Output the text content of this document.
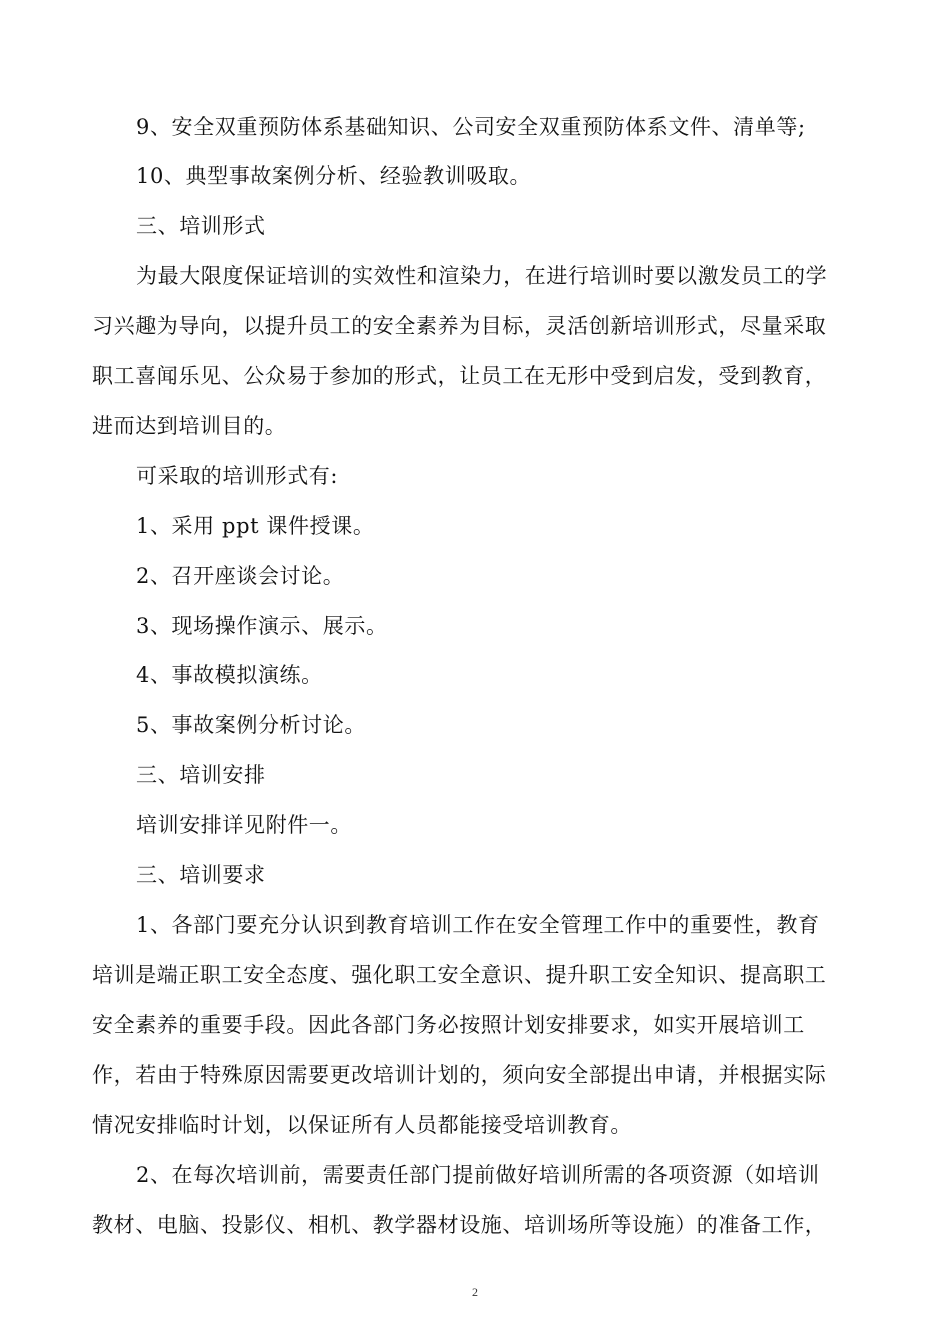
9、安全双重预防体系基础知识、公司安全双重预防体系文件、清单等;
10、典型事故案例分析、经验教训吸取。
三、培训形式
为最大限度保证培训的实效性和渲染力，在进行培训时要以激发员工的学
习兴趣为导向，以提升员工的安全素养为目标，灵活创新培训形式，尽量采取
职工喜闻乐见、公众易于参加的形式，让员工在无形中受到启发，受到教育，
进而达到培训目的。
可采取的培训形式有:
1、采用 ppt 课件授课。
2、召开座谈会讨论。
3、现场操作演示、展示。
4、事故模拟演练。
5、事故案例分析讨论。
三、培训安排
培训安排详见附件一。
三、培训要求
1、各部门要充分认识到教育培训工作在安全管理工作中的重要性，教育
培训是端正职工安全态度、强化职工安全意识、提升职工安全知识、提高职工
安全素养的重要手段。因此各部门务必按照计划安排要求，如实开展培训工
作，若由于特殊原因需要更改培训计划的，须向安全部提出申请，并根据实际
情况安排临时计划，以保证所有人员都能接受培训教育。
2、在每次培训前，需要责任部门提前做好培训所需的各项资源（如培训
教材、电脑、投影仪、相机、教学器材设施、培训场所等设施）的准备工作，
2
